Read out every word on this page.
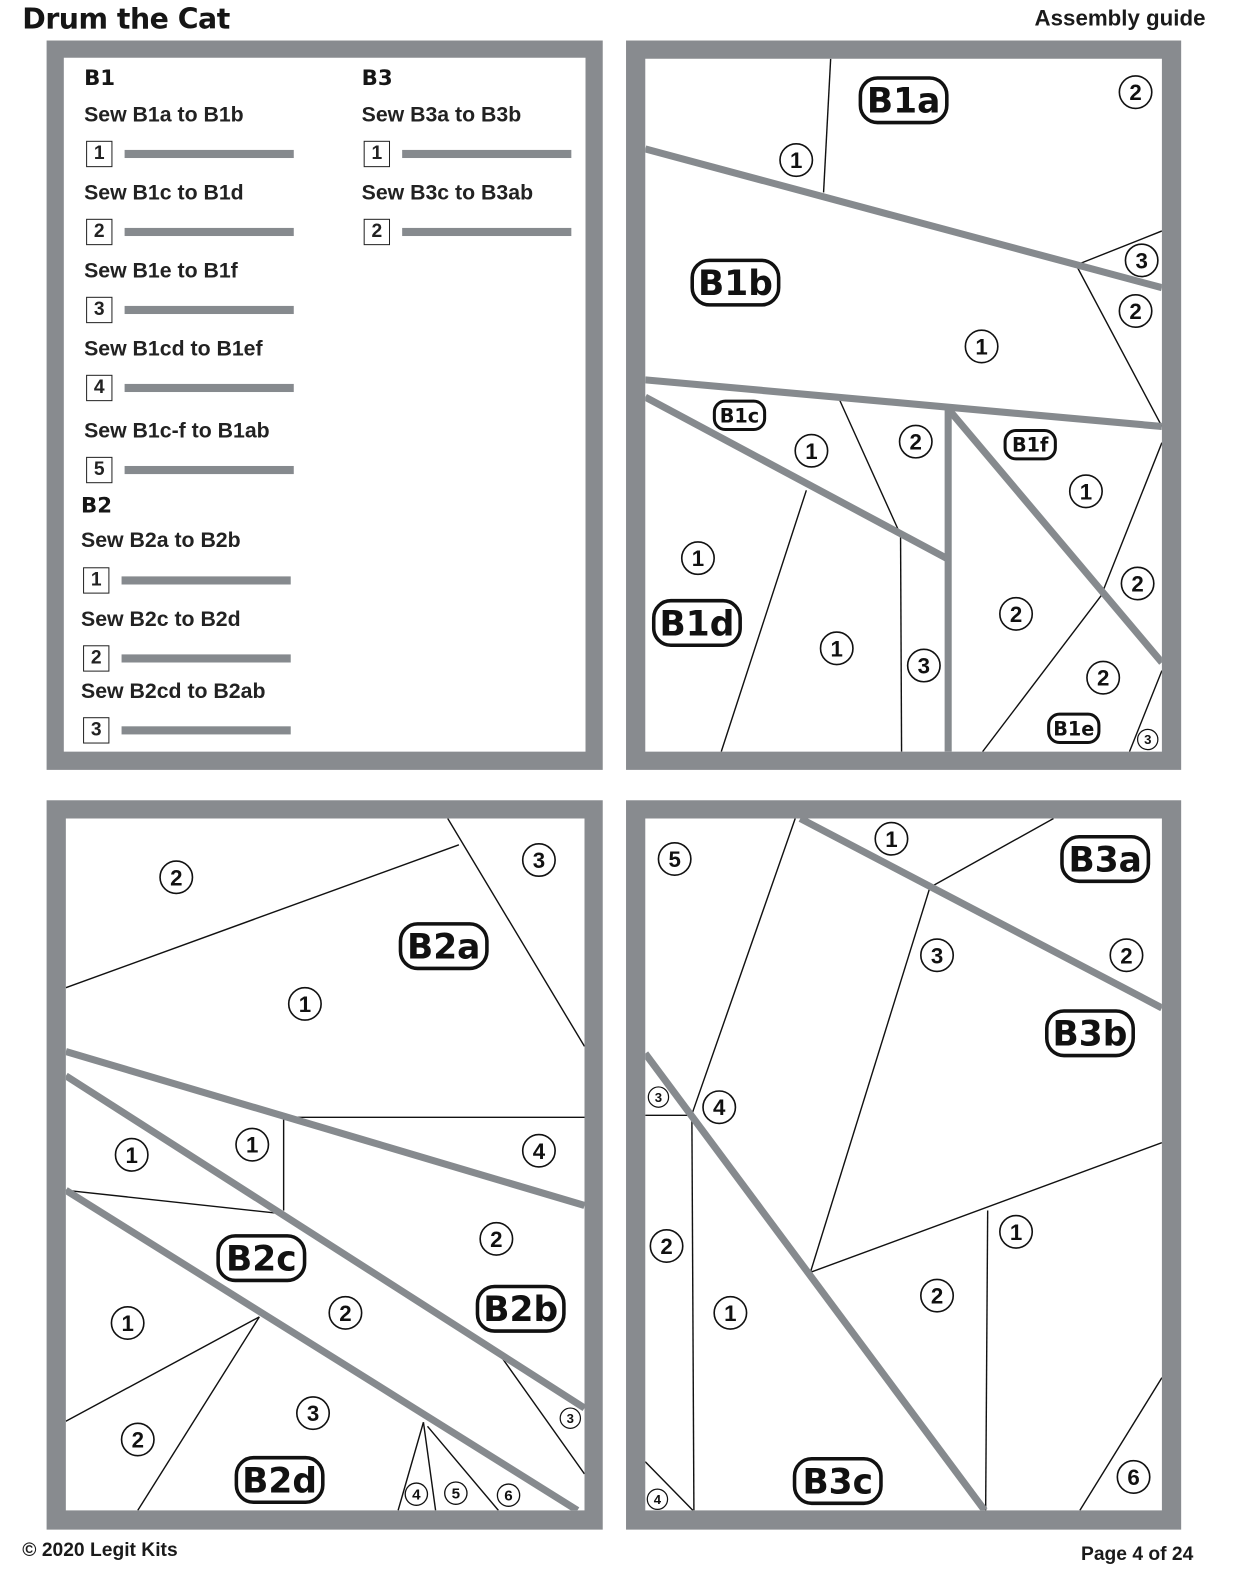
Drum the Cat	Assembly guide
B1
Sew B1a to B1b
1
Sew B1c to B1d
2
Sew B1e to B1f
3
Sew B1cd to B1ef
4
Sew B1c-f to B1ab
5
B2
Sew B2a to B2b
1
Sew B2c to B2d
2
Sew B2cd to B2ab
3
B3
Sew B3a to B3b
1
Sew B3c to B3ab
2
B1a
B1b
B1c
B1d
B1e
B1f
2
1
3
2
1
1	2
1
1
2
2
1
2
3
3
B2a
B2b
B2c
B2d
2
3
1
1	1	4
2
2
1
3
2
3
4 5	6
B3a
B3b
B3c
5
1
3	2
3 4
1
2
2
1
4
6
© 2020 Legit Kits	Page 4 of 24
